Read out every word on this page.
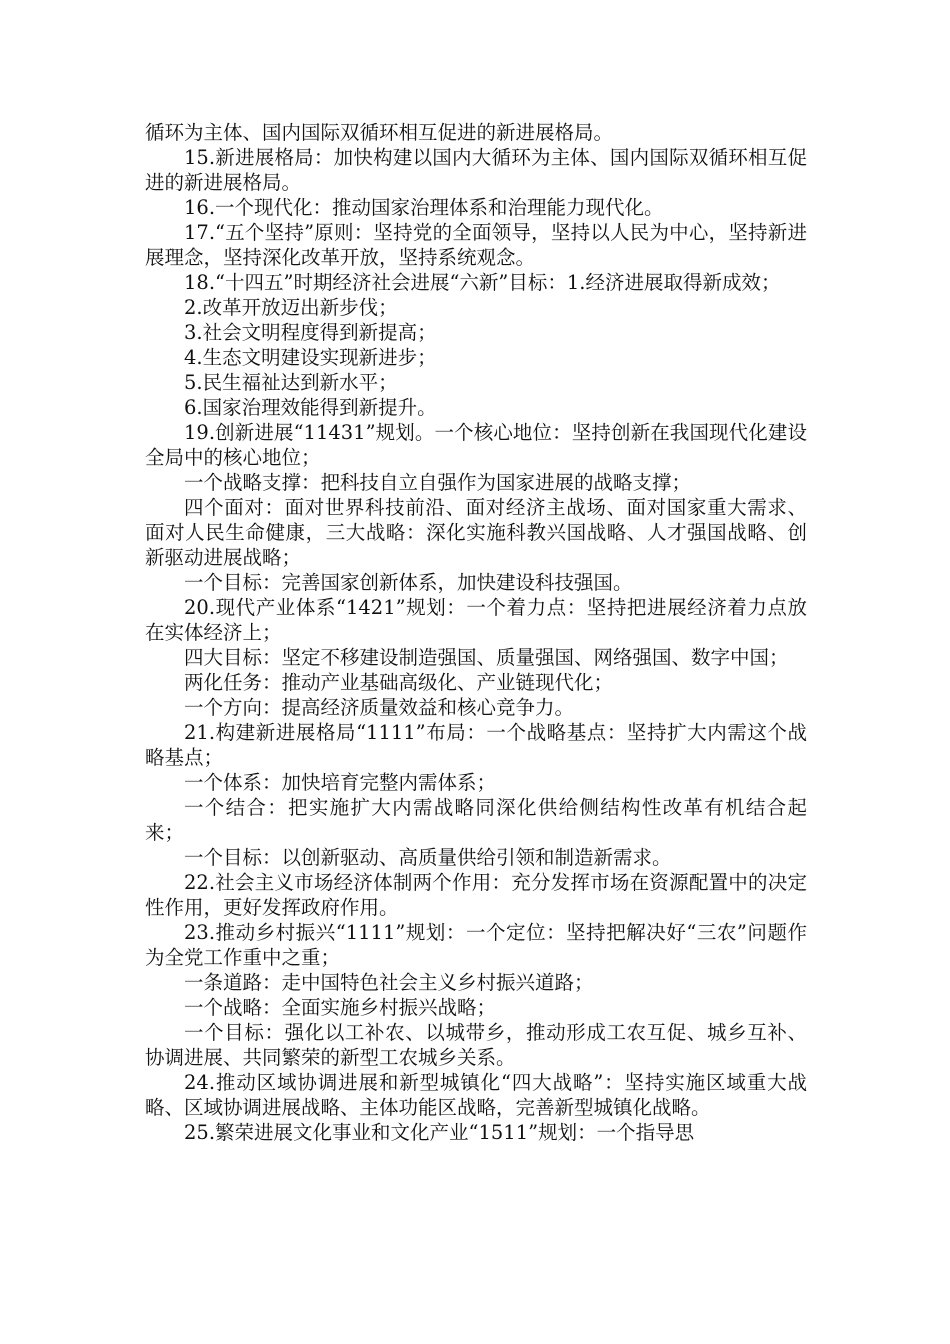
循环为主体、国内国际双循环相互促进的新进展格局。

15.新进展格局：加快构建以国内大循环为主体、国内国际双循环相互促进的新进展格局。

16.一个现代化：推动国家治理体系和治理能力现代化。

17.“五个坚持”原则：坚持党的全面领导，坚持以人民为中心，坚持新进展理念，坚持深化改革开放，坚持系统观念。

18.“十四五”时期经济社会进展“六新”目标：1.经济进展取得新成效；

2.改革开放迈出新步伐；

3.社会文明程度得到新提高；

4.生态文明建设实现新进步；

5.民生福祉达到新水平；

6.国家治理效能得到新提升。

19.创新进展“11431”规划。一个核心地位：坚持创新在我国现代化建设全局中的核心地位；

一个战略支撑：把科技自立自强作为国家进展的战略支撑；

四个面对：面对世界科技前沿、面对经济主战场、面对国家重大需求、面对人民生命健康，三大战略：深化实施科教兴国战略、人才强国战略、创新驱动进展战略；

一个目标：完善国家创新体系，加快建设科技强国。

20.现代产业体系“1421”规划：一个着力点：坚持把进展经济着力点放在实体经济上；

四大目标：坚定不移建设制造强国、质量强国、网络强国、数字中国；

两化任务：推动产业基础高级化、产业链现代化；

一个方向：提高经济质量效益和核心竞争力。

21.构建新进展格局“1111”布局：一个战略基点：坚持扩大内需这个战略基点；

一个体系：加快培育完整内需体系；

一个结合：把实施扩大内需战略同深化供给侧结构性改革有机结合起来；

一个目标：以创新驱动、高质量供给引领和制造新需求。

22.社会主义市场经济体制两个作用：充分发挥市场在资源配置中的决定性作用，更好发挥政府作用。

23.推动乡村振兴“1111”规划：一个定位：坚持把解决好“三农”问题作为全党工作重中之重；

一条道路：走中国特色社会主义乡村振兴道路；

一个战略：全面实施乡村振兴战略；

一个目标：强化以工补农、以城带乡，推动形成工农互促、城乡互补、协调进展、共同繁荣的新型工农城乡关系。

24.推动区域协调进展和新型城镇化“四大战略”：坚持实施区域重大战略、区域协调进展战略、主体功能区战略，完善新型城镇化战略。

25.繁荣进展文化事业和文化产业“1511”规划：一个指导思
